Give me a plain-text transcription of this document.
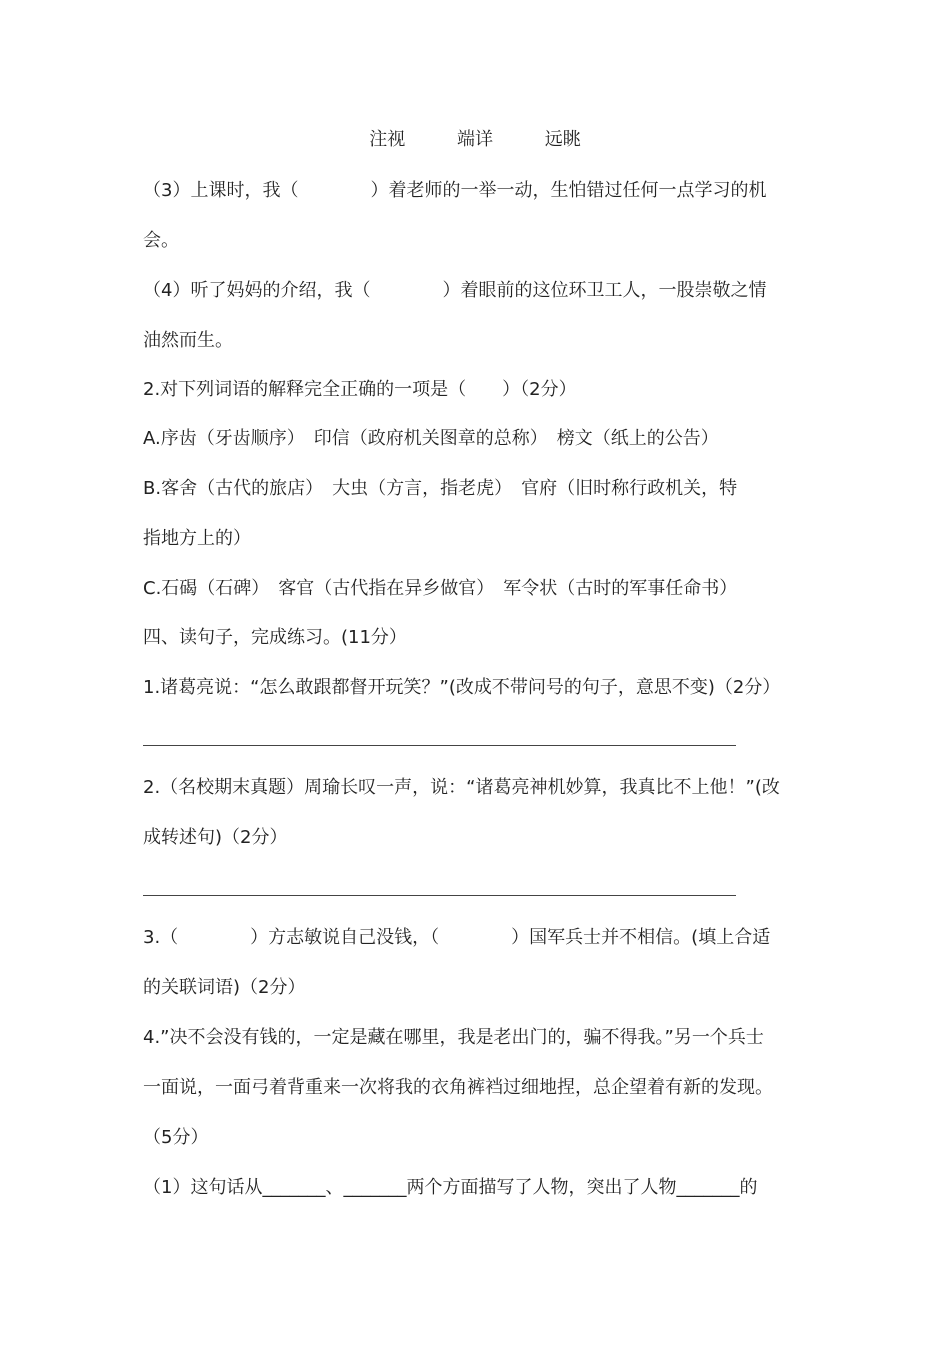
注视	端详	远眺
（3）上课时，我（　　　　）着老师的一举一动，生怕错过任何一点学习的机
会。
（4）听了妈妈的介绍，我（　　　　）着眼前的这位环卫工人，一股崇敬之情
油然而生。
2.对下列词语的解释完全正确的一项是（　　）（2分）
A.序齿（牙齿顺序）　印信（政府机关图章的总称）　榜文（纸上的公告）
B.客舍（古代的旅店）　大虫（方言，指老虎）　官府（旧时称行政机关，特
指地方上的）
C.石碣（石碑）　客官（古代指在异乡做官）　军令状（古时的军事任命书）
四、读句子，完成练习。(11分）
1.诸葛亮说：“怎么敢跟都督开玩笑？”(改成不带问号的句子，意思不变)（2分）
2.（名校期末真题）周瑜长叹一声，说：“诸葛亮神机妙算，我真比不上他！”(改
成转述句)（2分）
3.（　　　　）方志敏说自己没钱，（　　　　）国军兵士并不相信。(填上合适
的关联词语)（2分）
4.”决不会没有钱的，一定是藏在哪里，我是老出门的，骗不得我。”另一个兵士
一面说，一面弓着背重来一次将我的衣角裤裆过细地捏，总企望着有新的发现。
（5分）
（1）这句话从_______、_______两个方面描写了人物，突出了人物_______的
